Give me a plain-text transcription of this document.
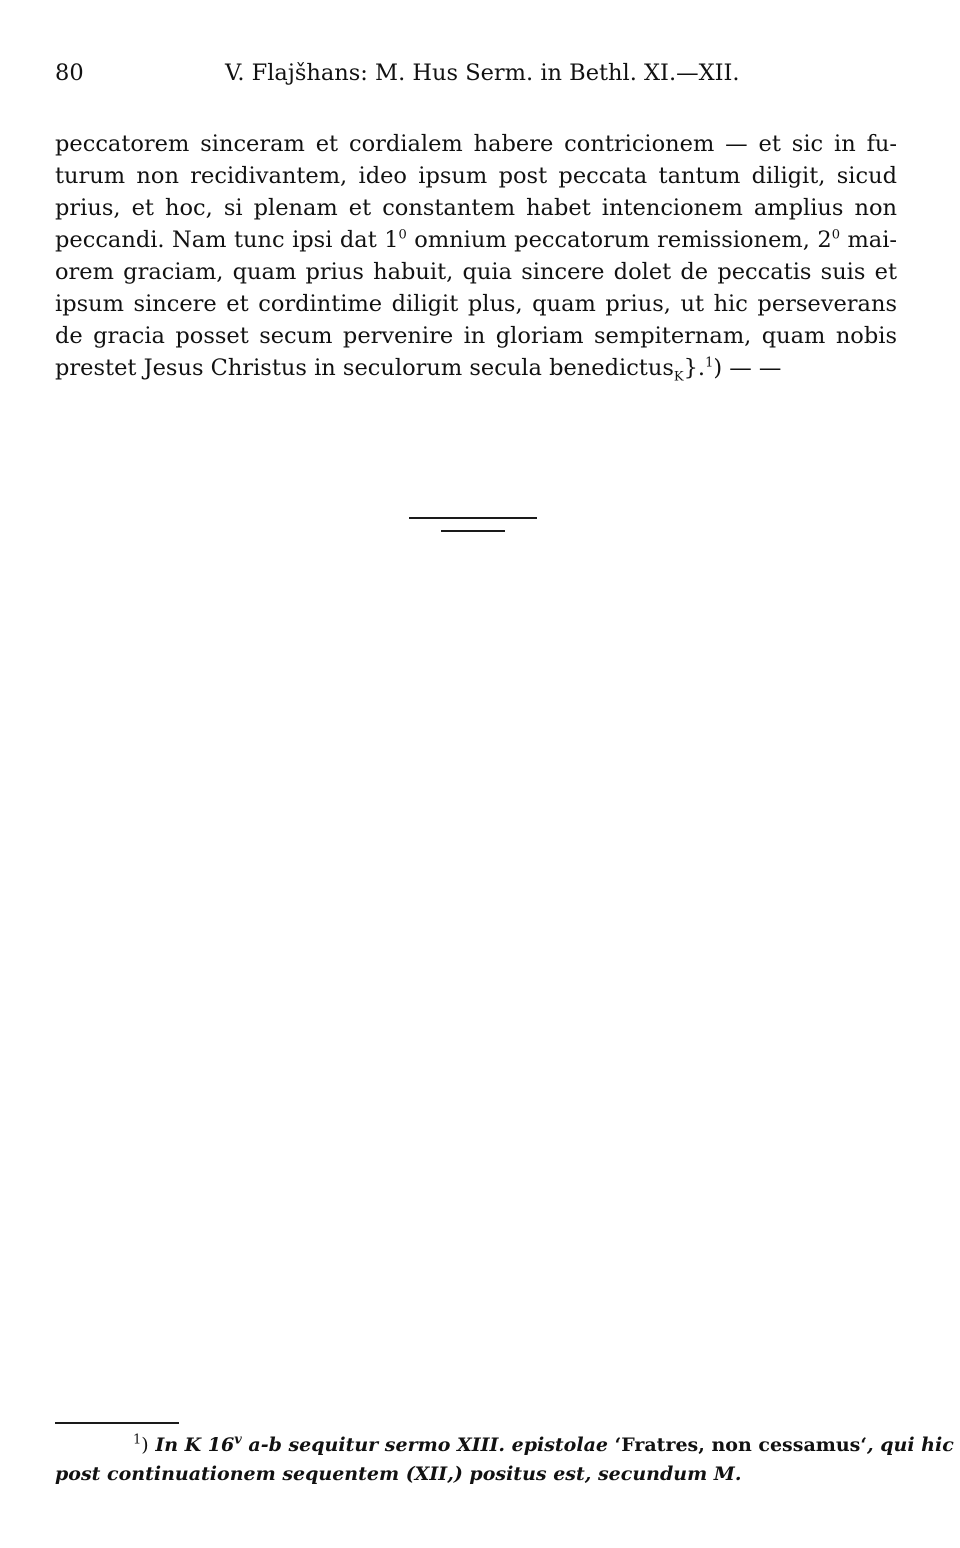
80	V. Flajšhans: M. Hus Serm. in Bethl. XI.—XII.
peccatorem sinceram et cordialem habere contricionem — et sic in fu-
turum non recidivantem, ideo ipsum post peccata tantum diligit, sicud
prius, et hoc, si plenam et constantem habet intencionem amplius non
peccandi. Nam tunc ipsi dat $1^0$ omnium peccatorum remissionem, $2^0$ mai-
orem graciam, quam prius habuit, quia sincere dolet de peccatis suis et
ipsum sincere et cordintime diligit plus, quam prius, ut hic perseverans
de gracia posset secum pervenire in gloriam sempiternam, quam nobis
prestet Jesus Christus in seculorum secula benedictus$_K$}.$^1$) — —
$^1$) In K 16$^v$ a-b sequitur sermo XIII. epistolae ‘Fratres, non cessamus‘, qui hic
post continuationem sequentem (XII,) positus est, secundum M.
